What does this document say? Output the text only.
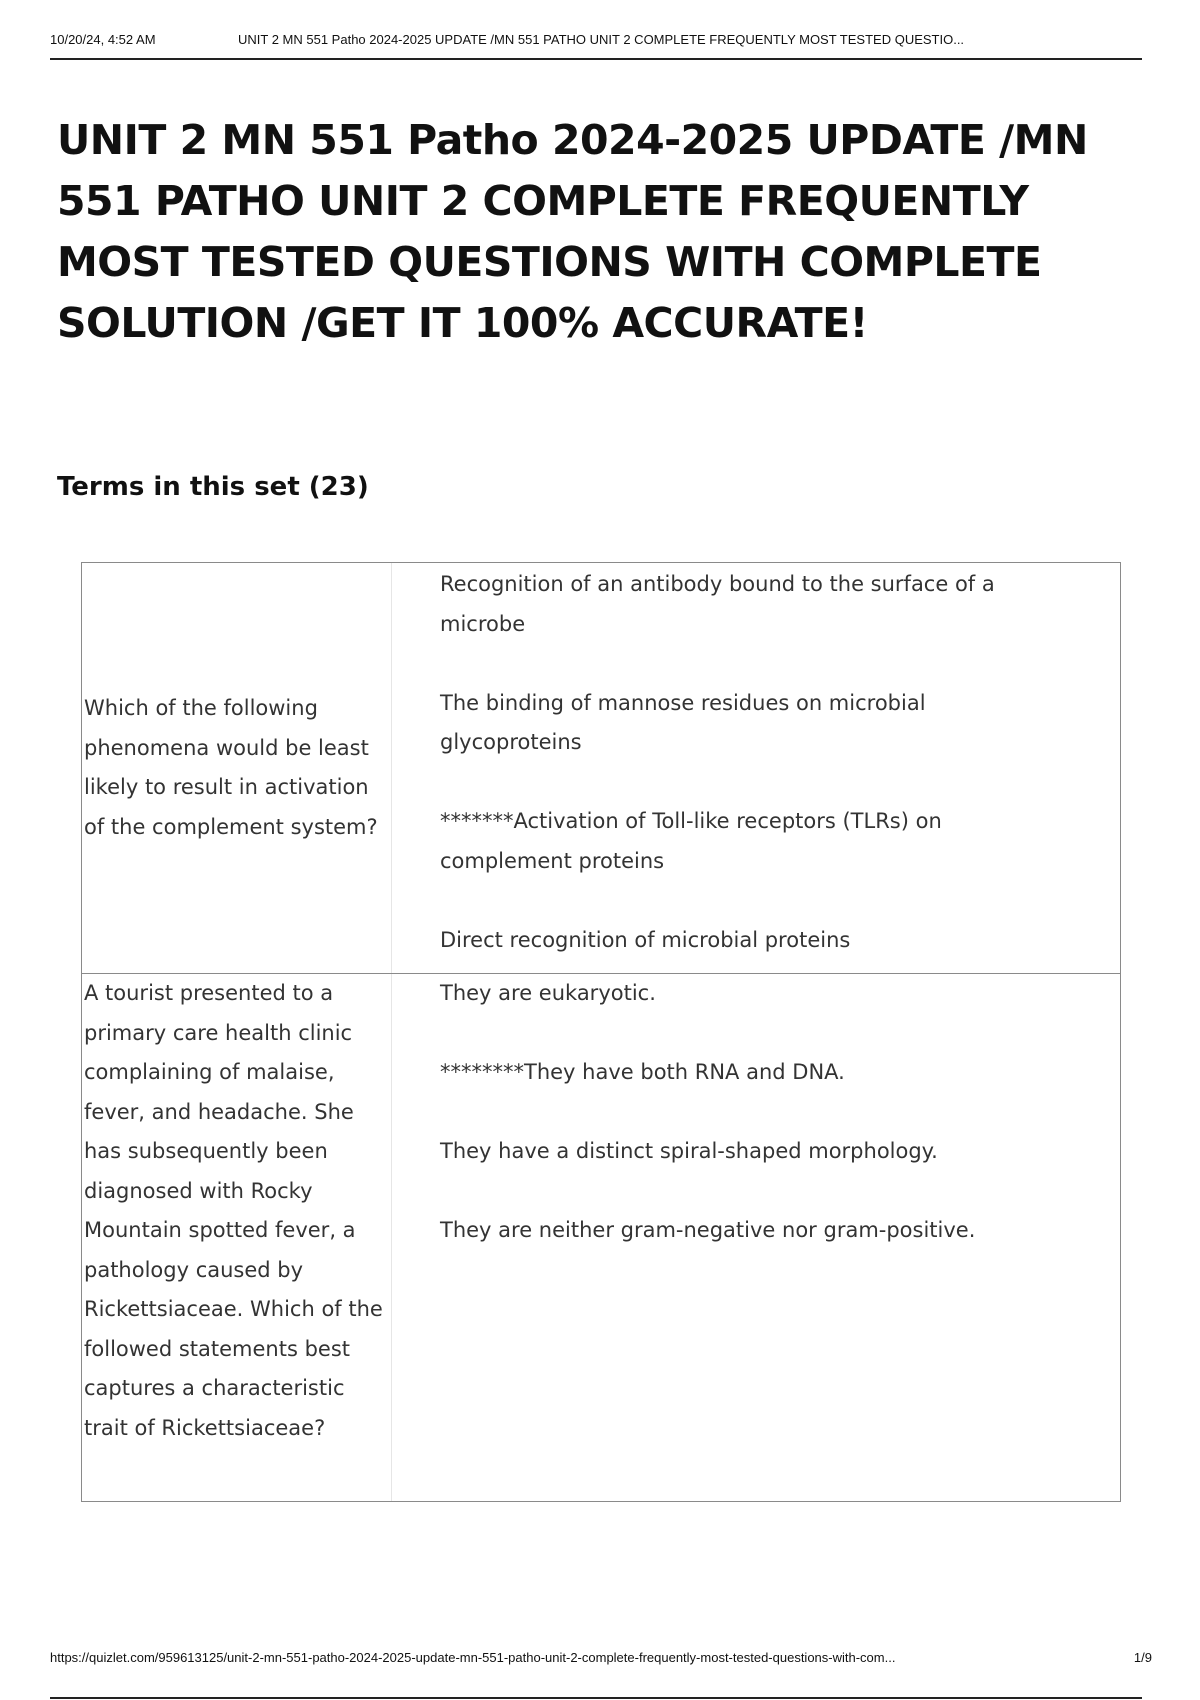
10/20/24, 4:52 AM	UNIT 2 MN 551 Patho 2024-2025 UPDATE /MN 551 PATHO UNIT 2 COMPLETE FREQUENTLY MOST TESTED QUESTIO...
UNIT 2 MN 551 Patho 2024-2025 UPDATE /MN 551 PATHO UNIT 2 COMPLETE FREQUENTLY MOST TESTED QUESTIONS WITH COMPLETE SOLUTION /GET IT 100% ACCURATE!
Terms in this set (23)
Which of the following phenomena would be least likely to result in activation of the complement system?

Recognition of an antibody bound to the surface of a microbe

The binding of mannose residues on microbial glycoproteins

*******Activation of Toll-like receptors (TLRs) on complement proteins

Direct recognition of microbial proteins

A tourist presented to a primary care health clinic complaining of malaise, fever, and headache. She has subsequently been diagnosed with Rocky Mountain spotted fever, a pathology caused by Rickettsiaceae. Which of the followed statements best captures a characteristic trait of Rickettsiaceae?

They are eukaryotic.

********They have both RNA and DNA.

They have a distinct spiral-shaped morphology.

They are neither gram-negative nor gram-positive.

https://quizlet.com/959613125/unit-2-mn-551-patho-2024-2025-update-mn-551-patho-unit-2-complete-frequently-most-tested-questions-with-com...	1/9
